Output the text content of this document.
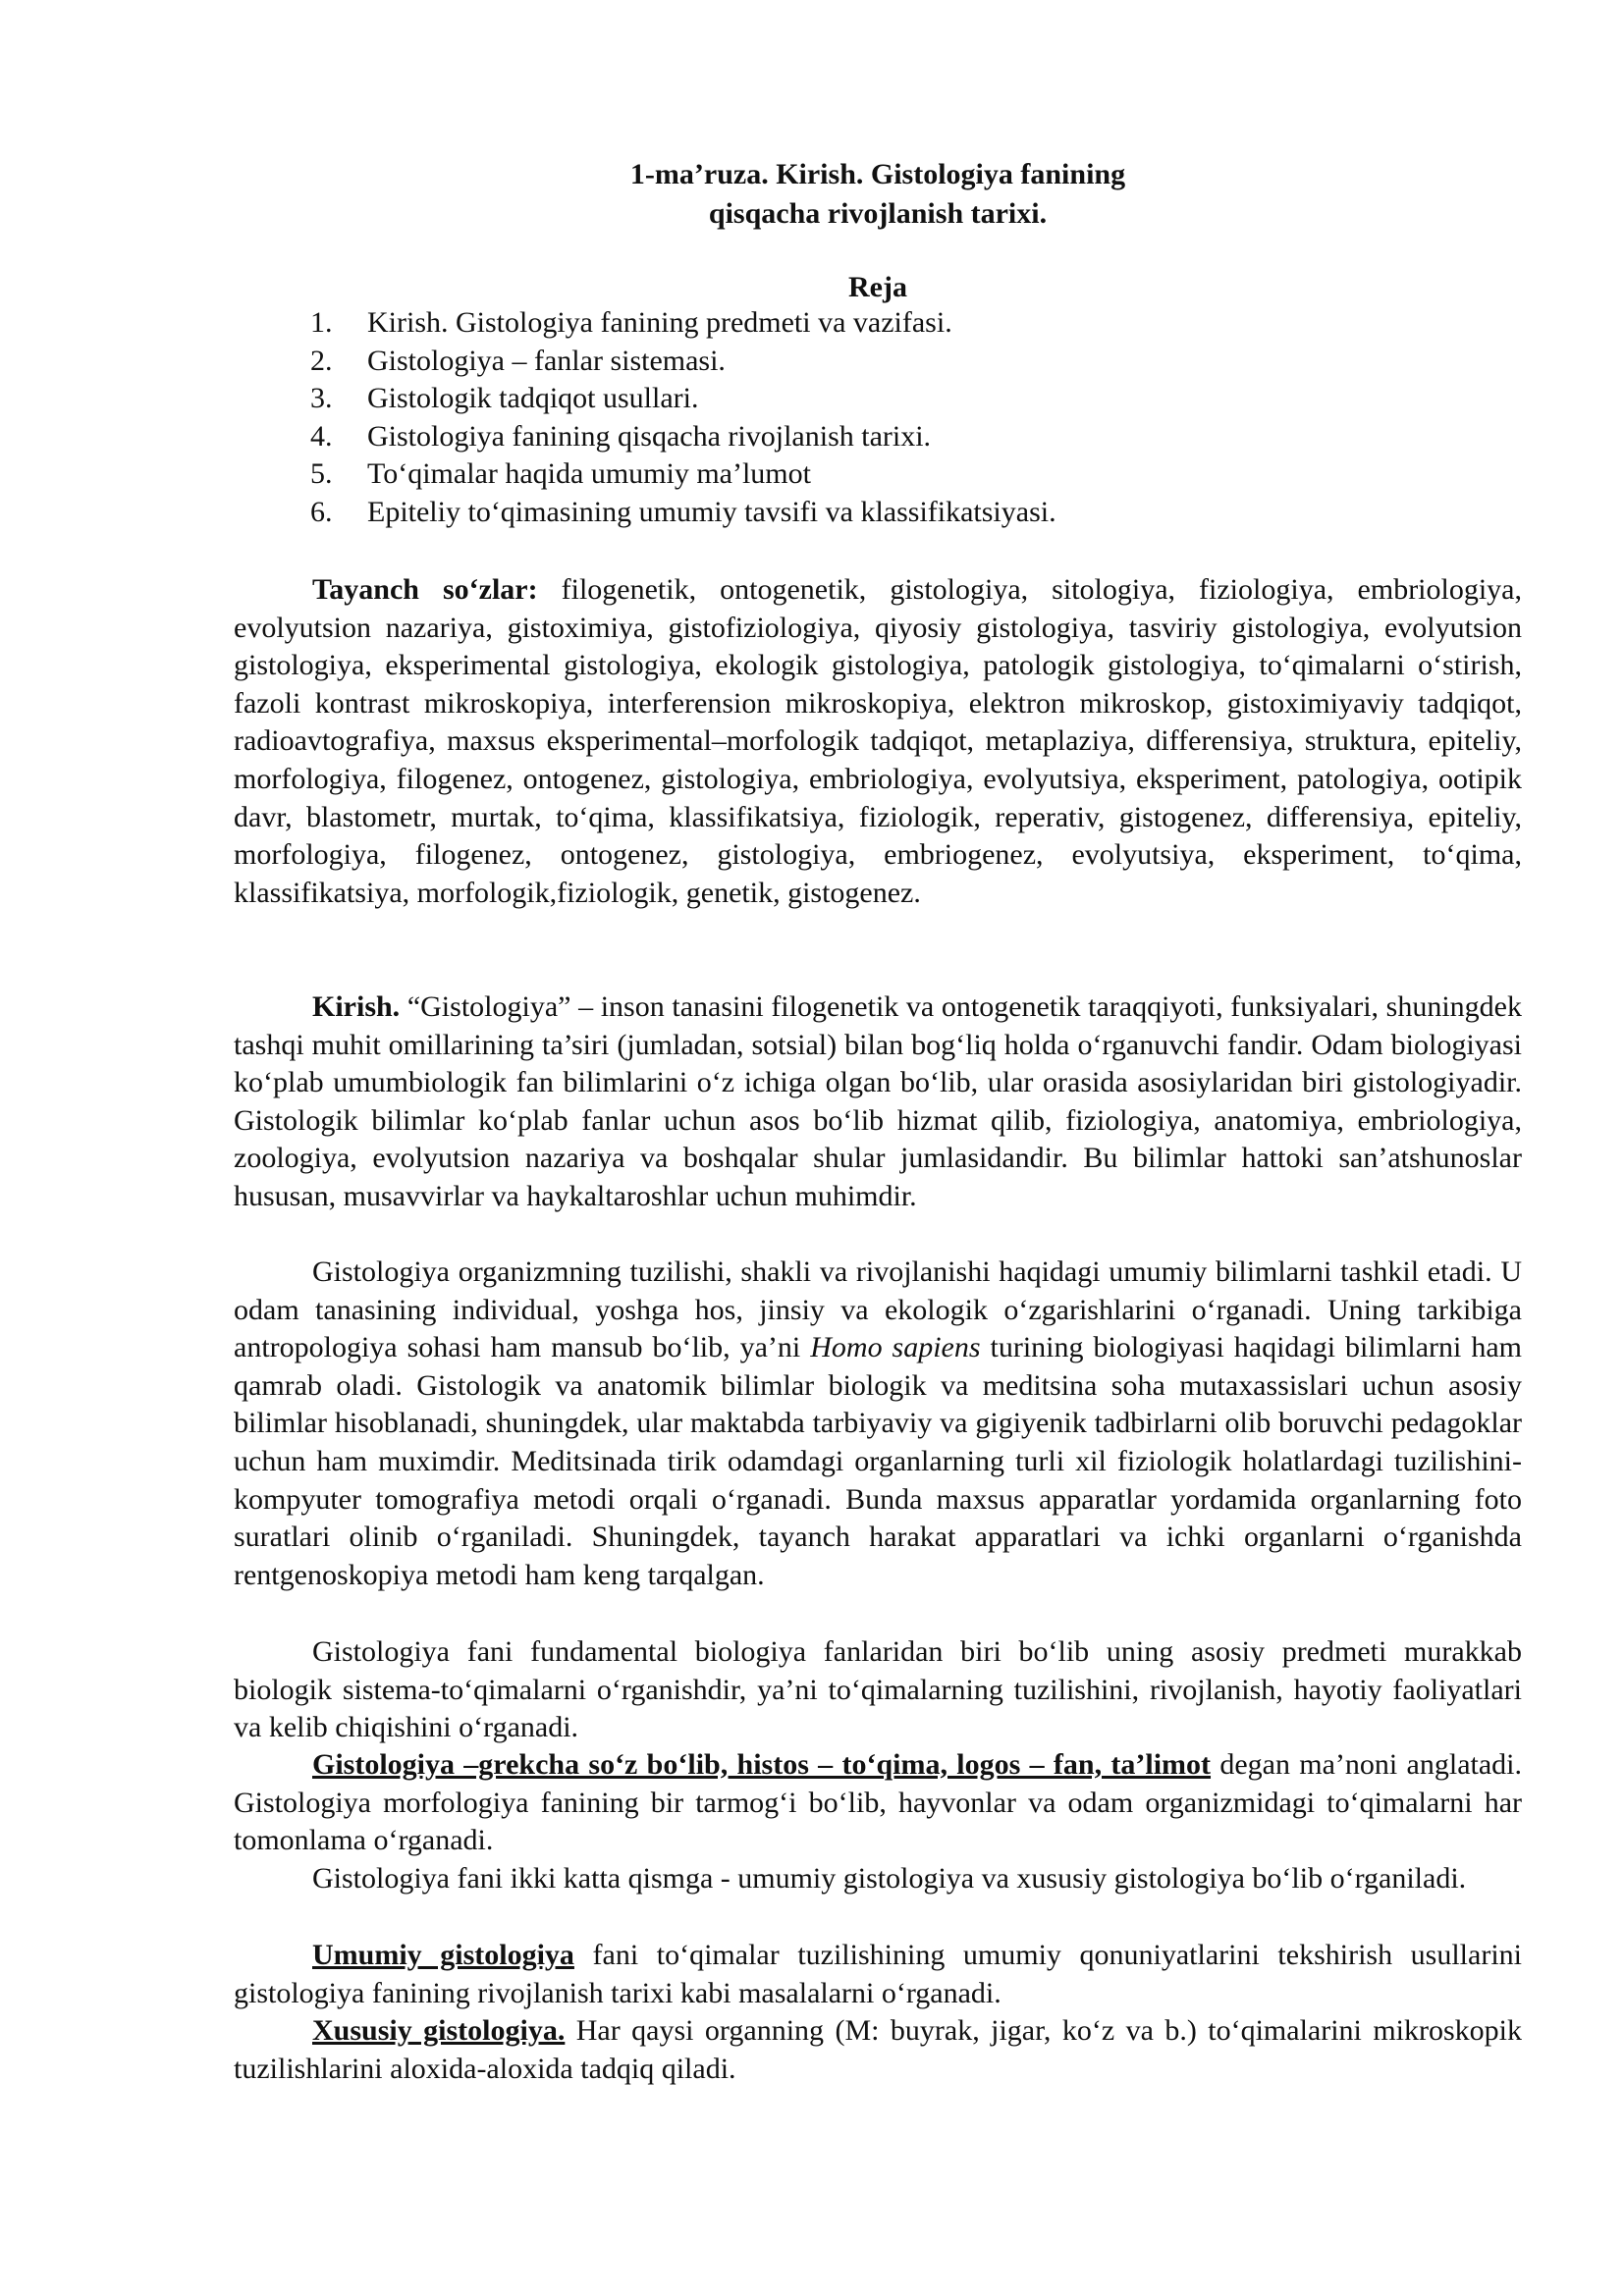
1-ma’ruza. Kirish. Gistologiya fanining
qisqacha rivojlanish tarixi.
Reja
1. Kirish. Gistologiya fanining predmeti va vazifasi.
2. Gistologiya – fanlar sistemasi.
3. Gistologik tadqiqot usullari.
4. Gistologiya fanining qisqacha rivojlanish tarixi.
5. To‘qimalar haqida umumiy ma’lumot
6. Epiteliy to‘qimasining umumiy tavsifi va klassifikatsiyasi.

Tayanch so‘zlar: filogenetik, ontogenetik, gistologiya, sitologiya, fiziologiya, embriologiya, evolyutsion nazariya, gistoximiya, gistofiziologiya, qiyosiy gistologiya, tasviriy gistologiya, evolyutsion gistologiya, eksperimental gistologiya, ekologik gistologiya, patologik gistologiya, to‘qimalarni o‘stirish, fazoli kontrast mikroskopiya, interferension mikroskopiya, elektron mikroskop, gistoximiyaviy tadqiqot, radioavtografiya, maxsus eksperimental–morfologik tadqiqot, metaplaziya, differensiya, struktura, epiteliy, morfologiya, filogenez, ontogenez, gistologiya, embriologiya, evolyutsiya, eksperiment, patologiya, ootipik davr, blastometr, murtak, to‘qima, klassifikatsiya, fiziologik, reperativ, gistogenez, differensiya, epiteliy, morfologiya, filogenez, ontogenez, gistologiya, embriogenez, evolyutsiya, eksperiment, to‘qima, klassifikatsiya, morfologik,fiziologik, genetik, gistogenez.

Kirish. “Gistologiya” – inson tanasini filogenetik va ontogenetik taraqqiyoti, funksiyalari, shuningdek tashqi muhit omillarining ta’siri (jumladan, sotsial) bilan bog‘liq holda o‘rganuvchi fandir. Odam biologiyasi ko‘plab umumbiologik fan bilimlarini o‘z ichiga olgan bo‘lib, ular orasida asosiylaridan biri gistologiyadir. Gistologik bilimlar ko‘plab fanlar uchun asos bo‘lib hizmat qilib, fiziologiya, anatomiya, embriologiya, zoologiya, evolyutsion nazariya va boshqalar shular jumlasidandir. Bu bilimlar hattoki san’atshunoslar hususan, musavvirlar va haykaltaroshlar uchun muhimdir.

Gistologiya organizmning tuzilishi, shakli va rivojlanishi haqidagi umumiy bilimlarni tashkil etadi. U odam tanasining individual, yoshga hos, jinsiy va ekologik o‘zgarishlarini o‘rganadi. Uning tarkibiga antropologiya sohasi ham mansub bo‘lib, ya’ni Homo sapiens turining biologiyasi haqidagi bilimlarni ham qamrab oladi. Gistologik va anatomik bilimlar biologik va meditsina soha mutaxassislari uchun asosiy bilimlar hisoblanadi, shuningdek, ular maktabda tarbiyaviy va gigiyenik tadbirlarni olib boruvchi pedagoklar uchun ham muximdir. Meditsinada tirik odamdagi organlarning turli xil fiziologik holatlardagi tuzilishini- kompyuter tomografiya metodi orqali o‘rganadi. Bunda maxsus apparatlar yordamida organlarning foto suratlari olinib o‘rganiladi. Shuningdek, tayanch harakat apparatlari va ichki organlarni o‘rganishda rentgenoskopiya metodi ham keng tarqalgan.

Gistologiya fani fundamental biologiya fanlaridan biri bo‘lib uning asosiy predmeti murakkab biologik sistema-to‘qimalarni o‘rganishdir, ya’ni to‘qimalarning tuzilishini, rivojlanish, hayotiy faoliyatlari va kelib chiqishini o‘rganadi.

Gistologiya –grekcha so‘z bo‘lib, histos – to‘qima, logos – fan, ta’limot degan ma’noni anglatadi. Gistologiya morfologiya fanining bir tarmog‘i bo‘lib, hayvonlar va odam organizmidagi to‘qimalarni har tomonlama o‘rganadi.

Gistologiya fani ikki katta qismga - umumiy gistologiya va xususiy gistologiya bo‘lib o‘rganiladi.

Umumiy gistologiya fani to‘qimalar tuzilishining umumiy qonuniyatlarini tekshirish usullarini gistologiya fanining rivojlanish tarixi kabi masalalarni o‘rganadi.

Xususiy gistologiya. Har qaysi organning (M: buyrak, jigar, ko‘z va b.) to‘qimalarini mikroskopik tuzilishlarini aloxida-aloxida tadqiq qiladi.
